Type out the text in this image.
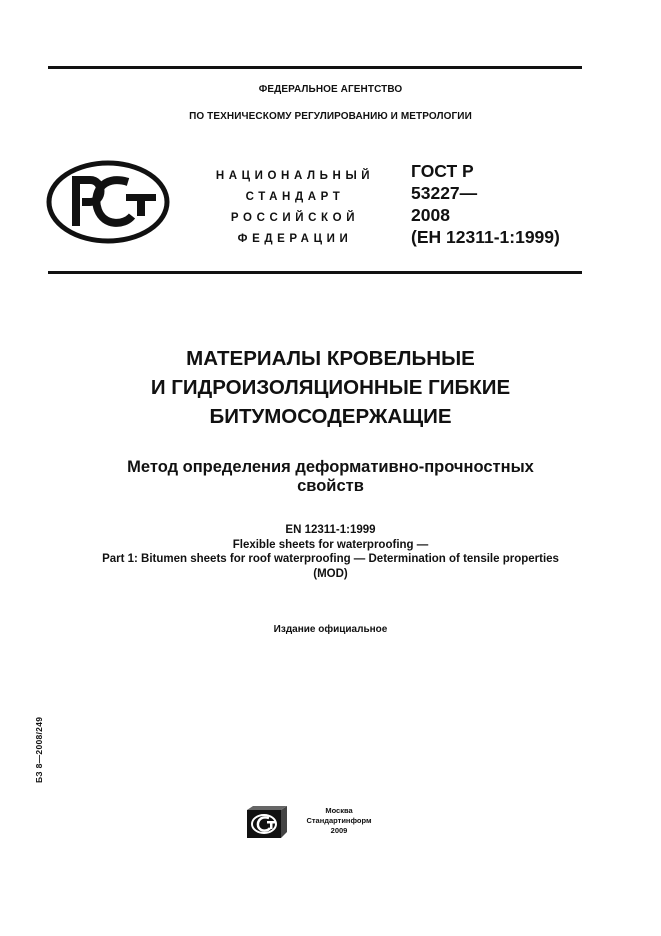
ФЕДЕРАЛЬНОЕ АГЕНТСТВО
ПО ТЕХНИЧЕСКОМУ РЕГУЛИРОВАНИЮ И МЕТРОЛОГИИ
НАЦИОНАЛЬНЫЙ
СТАНДАРТ
РОССИЙСКОЙ
ФЕДЕРАЦИИ
ГОСТ Р
53227—
2008
(ЕН 12311-1:1999)
МАТЕРИАЛЫ КРОВЕЛЬНЫЕ
И ГИДРОИЗОЛЯЦИОННЫЕ ГИБКИЕ
БИТУМОСОДЕРЖАЩИЕ
Метод определения деформативно-прочностных
свойств
EN 12311-1:1999
Flexible sheets for waterproofing —
Part 1: Bitumen sheets for roof waterproofing — Determination of tensile properties
(MOD)
Издание официальное
БЗ 8—2008/249
Москва
Стандартинформ
2009
